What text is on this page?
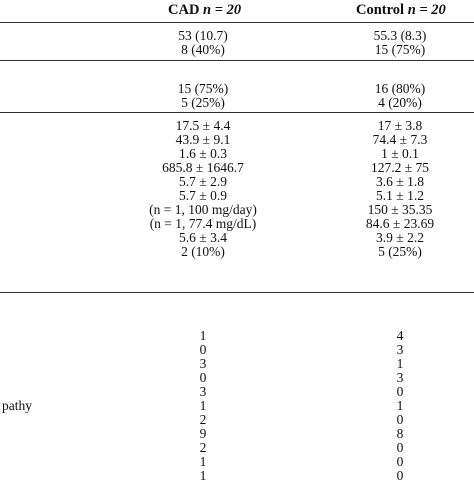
CAD n = 20	Control n = 20
53 (10.7)
8 (40%)
55.3 (8.3)
15 (75%)
15 (75%)
5 (25%)
16 (80%)
4 (20%)
17.5 ± 4.4
43.9 ± 9.1
1.6 ± 0.3
685.8 ± 1646.7
5.7 ± 2.9
5.7 ± 0.9
(n = 1, 100 mg/day)
(n = 1, 77.4 mg/dL)
5.6 ± 3.4
2 (10%)
17 ± 3.8
74.4 ± 7.3
1 ± 0.1
127.2 ± 75
3.6 ± 1.8
5.1 ± 1.2
150 ± 35.35
84.6 ± 23.69
3.9 ± 2.2
5 (25%)
pathy
1
0
3
0
3
1
2
9
2
1
1
4
3
1
3
0
1
0
8
0
0
0
